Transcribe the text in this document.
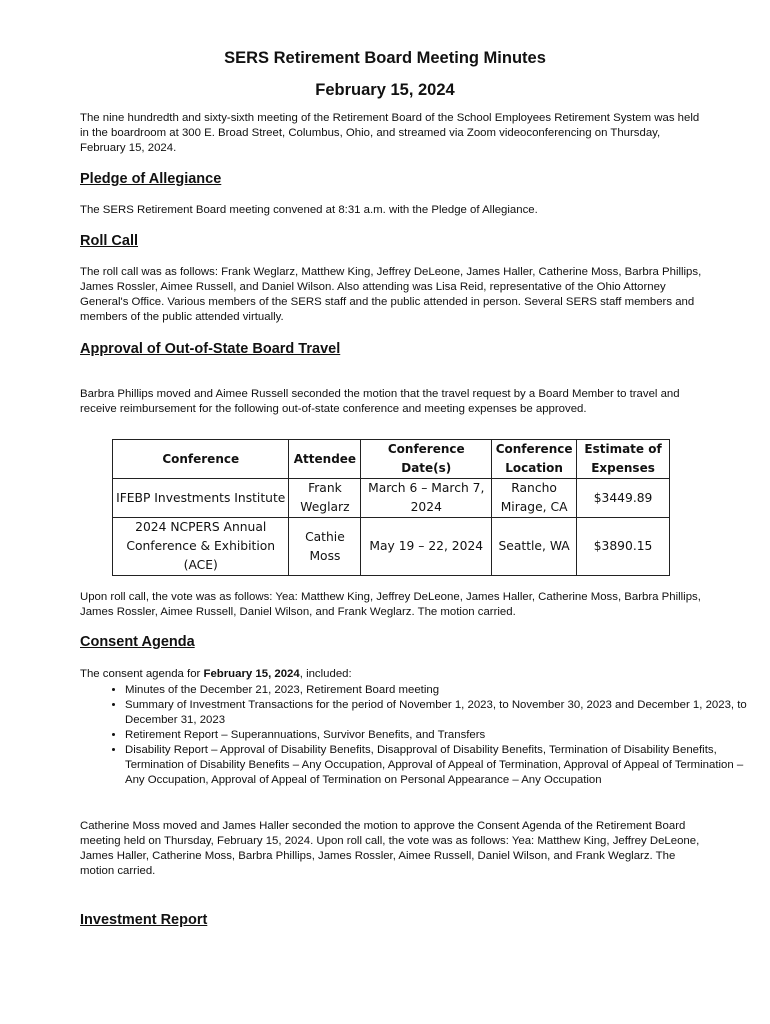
SERS Retirement Board Meeting Minutes
February 15, 2024

The nine hundredth and sixty-sixth meeting of the Retirement Board of the School Employees Retirement System was held in the boardroom at 300 E. Broad Street, Columbus, Ohio, and streamed via Zoom videoconferencing on Thursday, February 15, 2024.

Pledge of Allegiance

The SERS Retirement Board meeting convened at 8:31 a.m. with the Pledge of Allegiance.

Roll Call

The roll call was as follows: Frank Weglarz, Matthew King, Jeffrey DeLeone, James Haller, Catherine Moss, Barbra Phillips, James Rossler, Aimee Russell, and Daniel Wilson. Also attending was Lisa Reid, representative of the Ohio Attorney General's Office. Various members of the SERS staff and the public attended in person. Several SERS staff members and members of the public attended virtually.

Approval of Out-of-State Board Travel

Barbra Phillips moved and Aimee Russell seconded the motion that the travel request by a Board Member to travel and receive reimbursement for the following out-of-state conference and meeting expenses be approved.

Conference	Attendee	Conference Date(s)	Conference Location	Estimate of Expenses
IFEBP Investments Institute	Frank Weglarz	March 6 – March 7, 2024	Rancho Mirage, CA	$3449.89
2024 NCPERS Annual Conference & Exhibition (ACE)	Cathie Moss	May 19 – 22, 2024	Seattle, WA	$3890.15

Upon roll call, the vote was as follows: Yea: Matthew King, Jeffrey DeLeone, James Haller, Catherine Moss, Barbra Phillips, James Rossler, Aimee Russell, Daniel Wilson, and Frank Weglarz. The motion carried.

Consent Agenda

The consent agenda for February 15, 2024, included:

• Minutes of the December 21, 2023, Retirement Board meeting
• Summary of Investment Transactions for the period of November 1, 2023, to November 30, 2023 and December 1, 2023, to December 31, 2023
• Retirement Report – Superannuations, Survivor Benefits, and Transfers
• Disability Report – Approval of Disability Benefits, Disapproval of Disability Benefits, Termination of Disability Benefits, Termination of Disability Benefits – Any Occupation, Approval of Appeal of Termination, Approval of Appeal of Termination – Any Occupation, Approval of Appeal of Termination on Personal Appearance – Any Occupation

Catherine Moss moved and James Haller seconded the motion to approve the Consent Agenda of the Retirement Board meeting held on Thursday, February 15, 2024. Upon roll call, the vote was as follows: Yea: Matthew King, Jeffrey DeLeone, James Haller, Catherine Moss, Barbra Phillips, James Rossler, Aimee Russell, Daniel Wilson, and Frank Weglarz. The motion carried.

Investment Report
